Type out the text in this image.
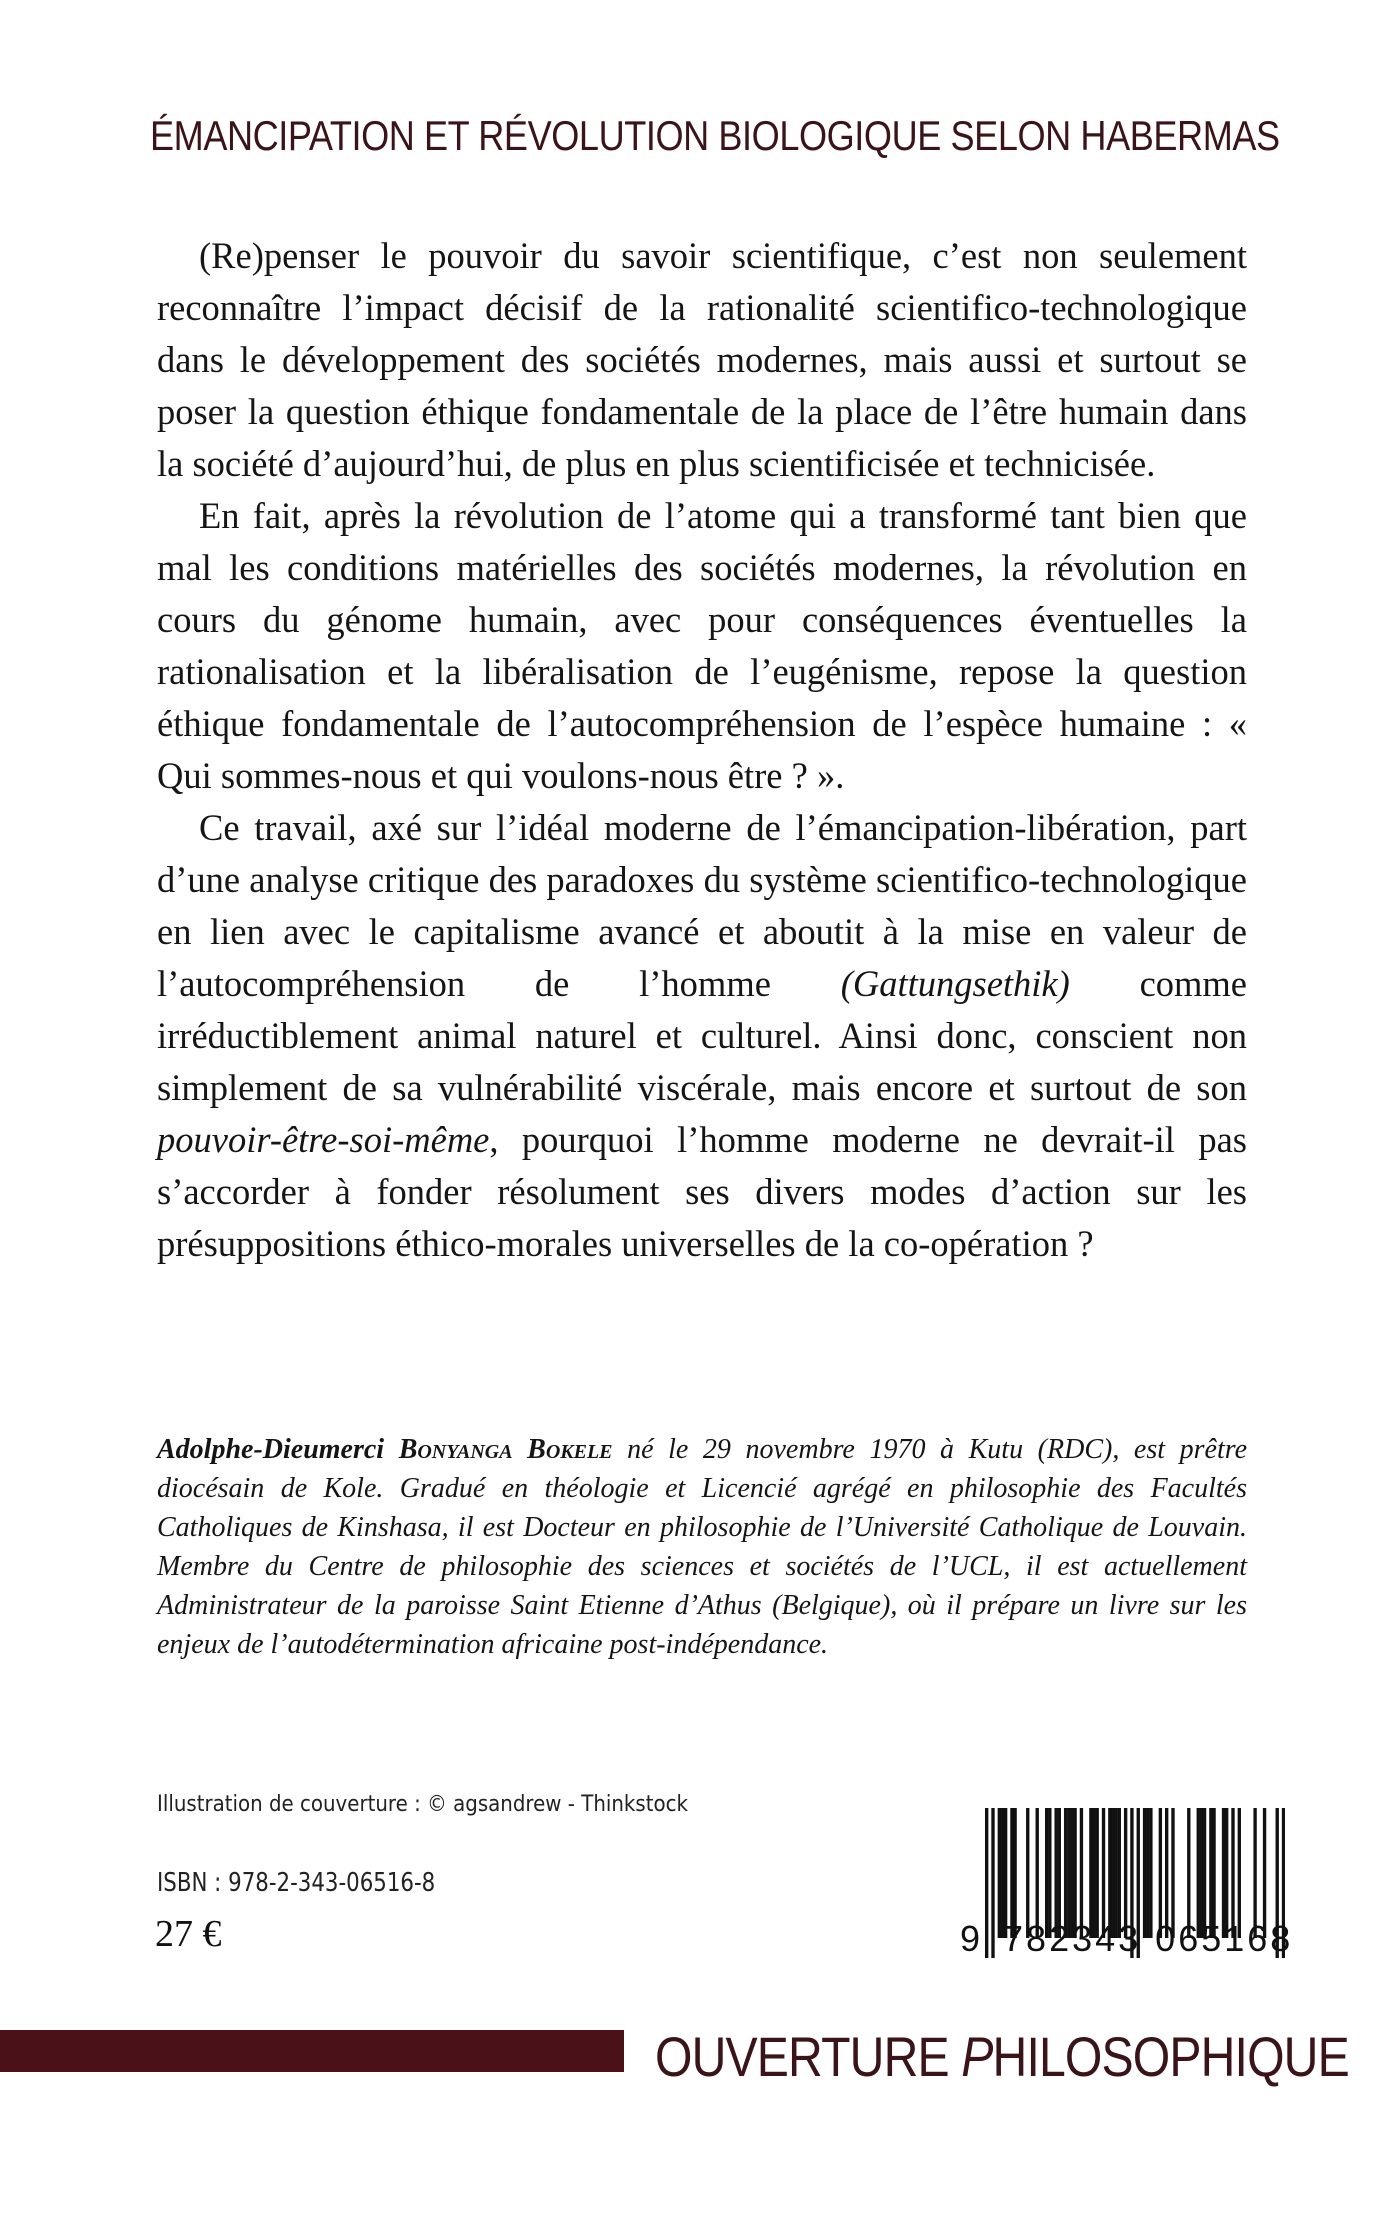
ÉMANCIPATION ET RÉVOLUTION BIOLOGIQUE SELON HABERMAS

(Re)penser le pouvoir du savoir scientifique, c’est non seulement reconnaître l’impact décisif de la rationalité scientifico-technologique dans le développement des sociétés modernes, mais aussi et surtout se poser la question éthique fondamentale de la place de l’être humain dans la société d’aujourd’hui, de plus en plus scientificisée et technicisée.

En fait, après la révolution de l’atome qui a transformé tant bien que mal les conditions matérielles des sociétés modernes, la révolution en cours du génome humain, avec pour conséquences éventuelles la rationalisation et la libéralisation de l’eugénisme, repose la question éthique fondamentale de l’autocompréhension de l’espèce humaine : « Qui sommes-nous et qui voulons-nous être ? ».

Ce travail, axé sur l’idéal moderne de l’émancipation-libération, part d’une analyse critique des paradoxes du système scientifico-technologique en lien avec le capitalisme avancé et aboutit à la mise en valeur de l’autocompréhension de l’homme (Gattungsethik) comme irréductiblement animal naturel et culturel. Ainsi donc, conscient non simplement de sa vulnérabilité viscérale, mais encore et surtout de son pouvoir-être-soi-même, pourquoi l’homme moderne ne devrait-il pas s’accorder à fonder résolument ses divers modes d’action sur les présuppositions éthico-morales universelles de la co-opération ?

Adolphe-Dieumerci Bonyanga Bokele né le 29 novembre 1970 à Kutu (RDC), est prêtre diocésain de Kole. Gradué en théologie et Licencié agrégé en philosophie des Facultés Catholiques de Kinshasa, il est Docteur en philosophie de l’Université Catholique de Louvain. Membre du Centre de philosophie des sciences et sociétés de l’UCL, il est actuellement Administrateur de la paroisse Saint Etienne d’Athus (Belgique), où il prépare un livre sur les enjeux de l’autodétermination africaine post-indépendance.
Illustration de couverture : © agsandrew - Thinkstock
ISBN : 978-2-343-06516-8
27 €	9 782343 065168
OUVERTURE PHILOSOPHIQUE
